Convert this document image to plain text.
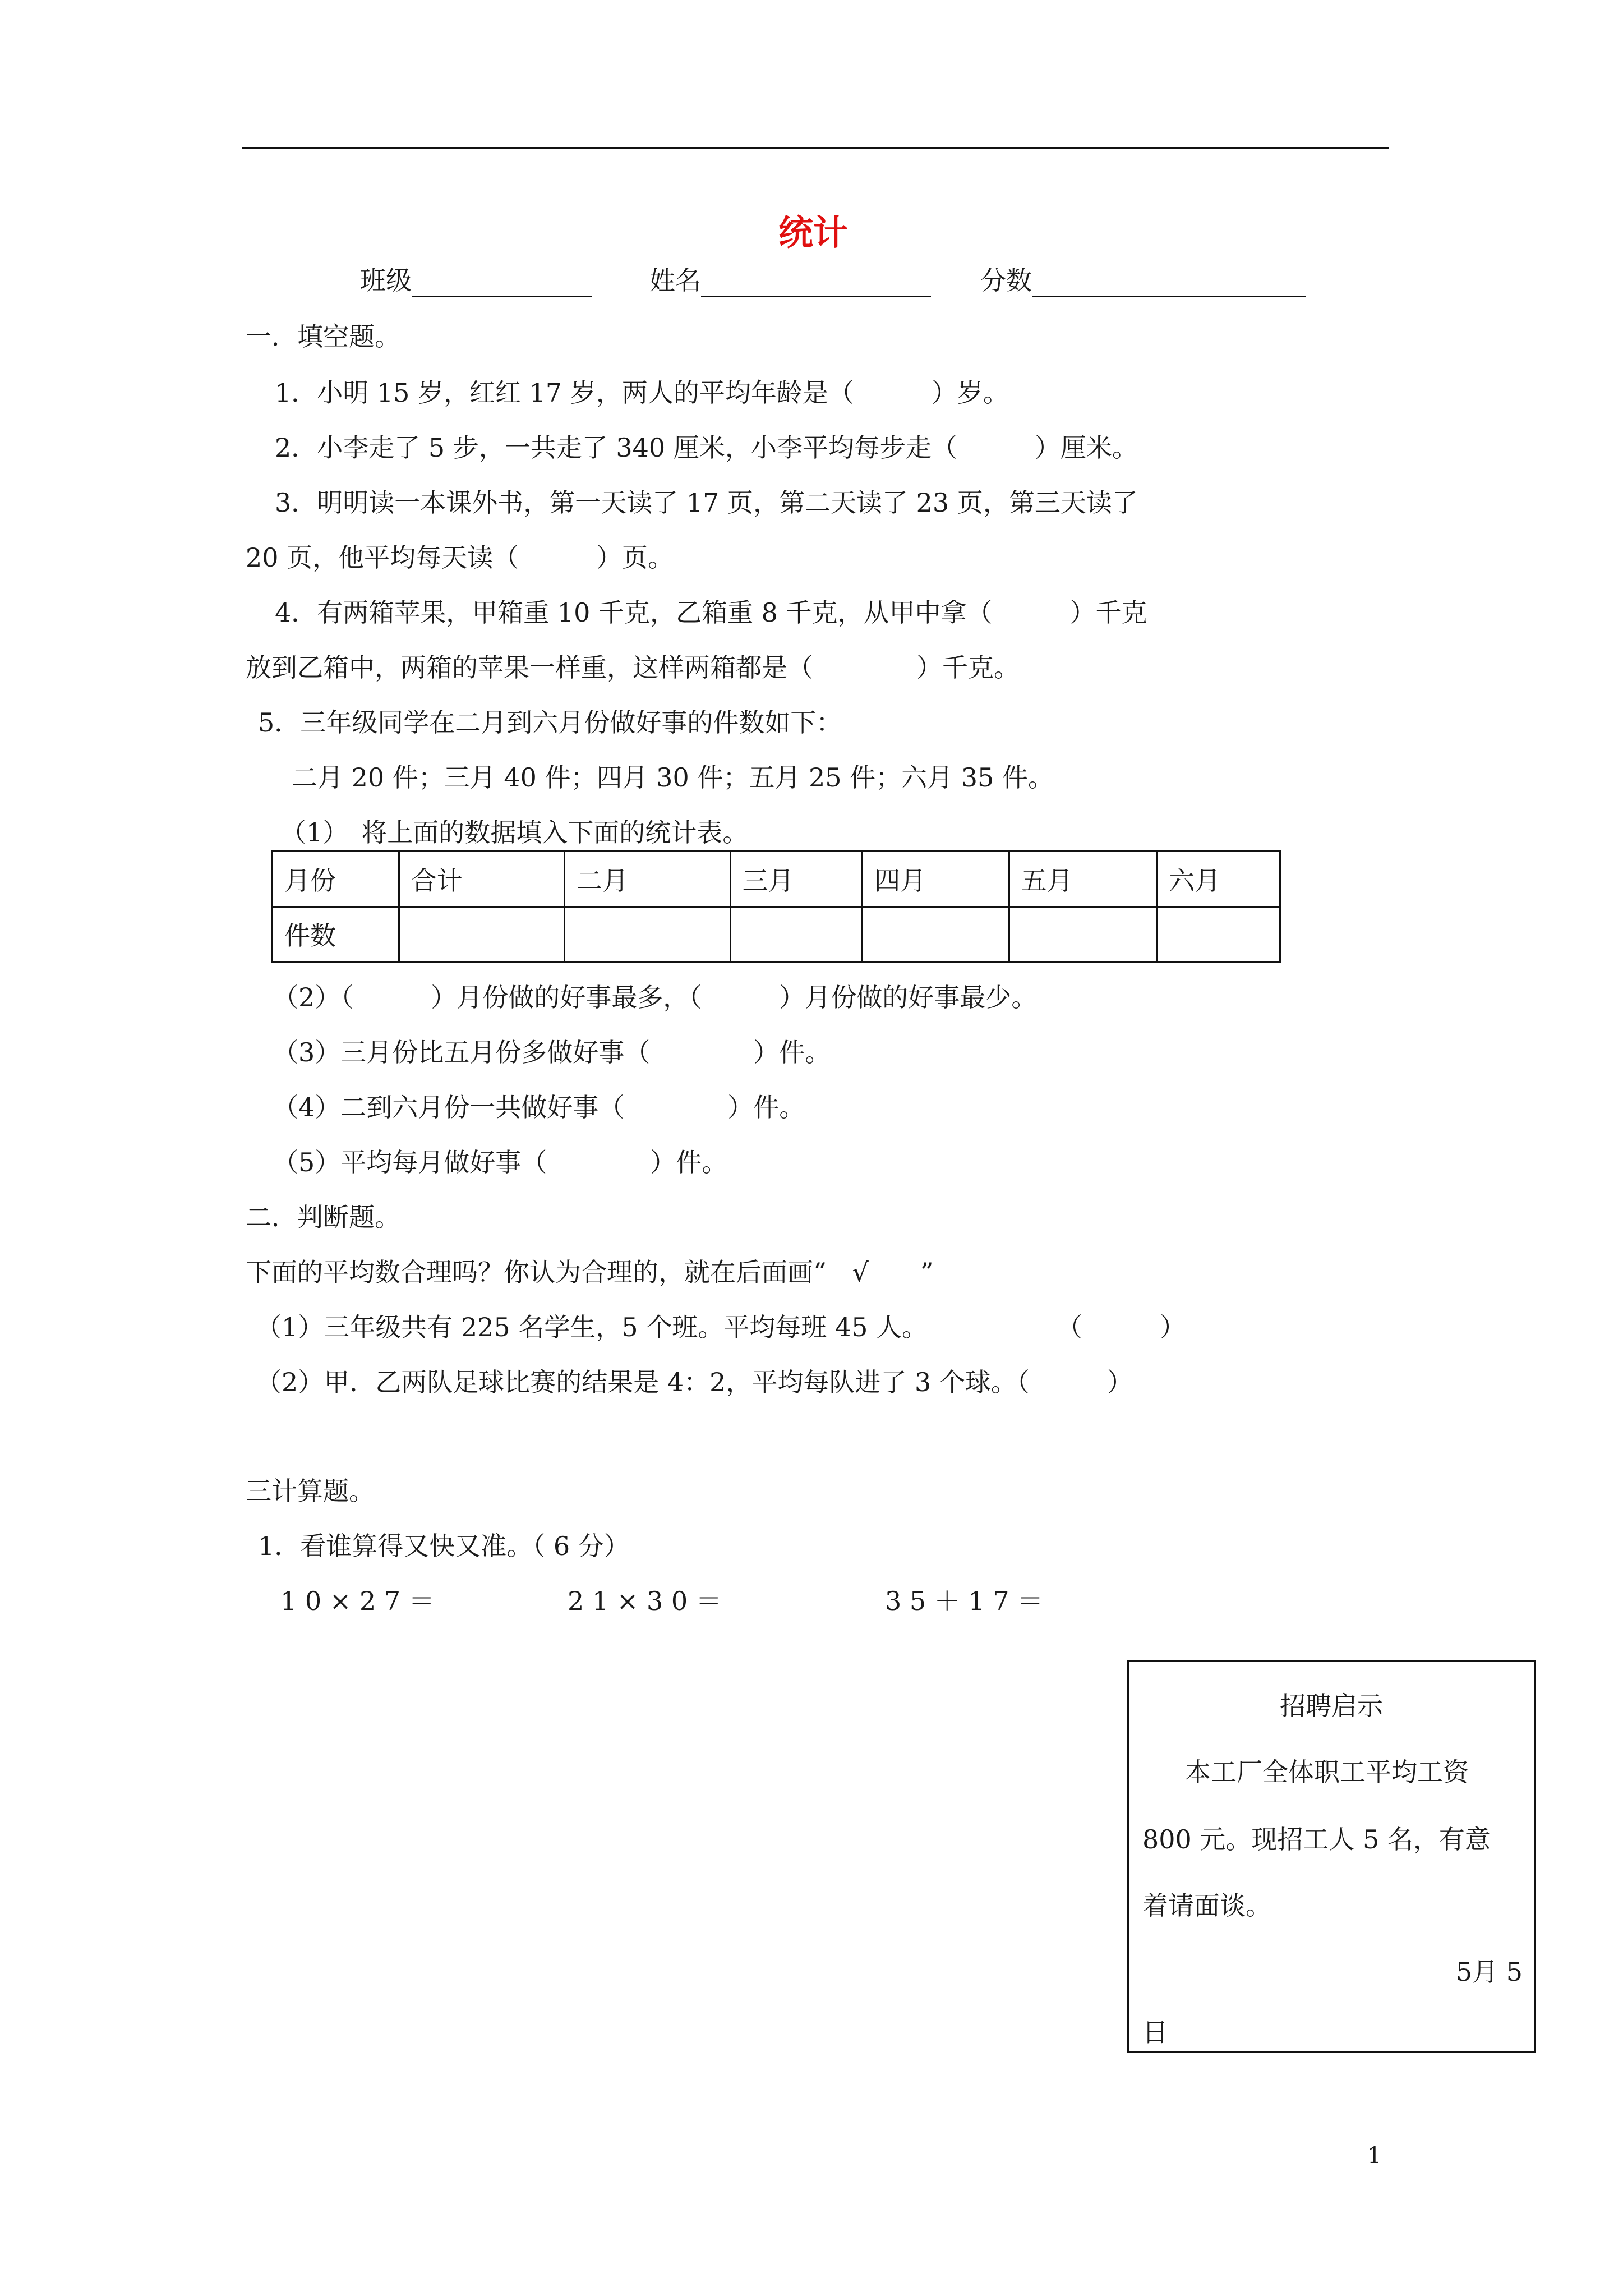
统计
班级	姓名	分数
一．填空题。
1．小明 15 岁，红红 17 岁，两人的平均年龄是（　　　）岁。
2．小李走了 5 步，一共走了 340 厘米，小李平均每步走（　　　）厘米。
3．明明读一本课外书，第一天读了 17 页，第二天读了 23 页，第三天读了
20 页，他平均每天读（　　　）页。
4．有两箱苹果，甲箱重 10 千克，乙箱重 8 千克，从甲中拿（　　　）千克
放到乙箱中，两箱的苹果一样重，这样两箱都是（　　　　）千克。
5．三年级同学在二月到六月份做好事的件数如下：
二月 20 件；三月 40 件；四月 30 件；五月 25 件；六月 35 件。
（1）　将上面的数据填入下面的统计表。
月份	合计	二月	三月	四月	五月	六月
件数						
（2）（　　　）月份做的好事最多，（　　　）月份做的好事最少。
（3）三月份比五月份多做好事（　　　　）件。
（4）二到六月份一共做好事（　　　　）件。
（5）平均每月做好事（　　　　）件。
二．判断题。
下面的平均数合理吗？你认为合理的，就在后面画“　√　　”
（1）三年级共有 225 名学生，5 个班。平均每班 45 人。	（　　　）
（2）甲．乙两队足球比赛的结果是 4：2，平均每队进了 3 个球。（　　　）
三计算题。
1．看谁算得又快又准。（ 6 分）
1 0 × 2 7 ＝	2 1 × 3 0 ＝	3 5 ＋ 1 7 ＝
招聘启示
本工厂全体职工平均工资
800 元。现招工人 5 名，有意
着请面谈。
5月 5
日
1
